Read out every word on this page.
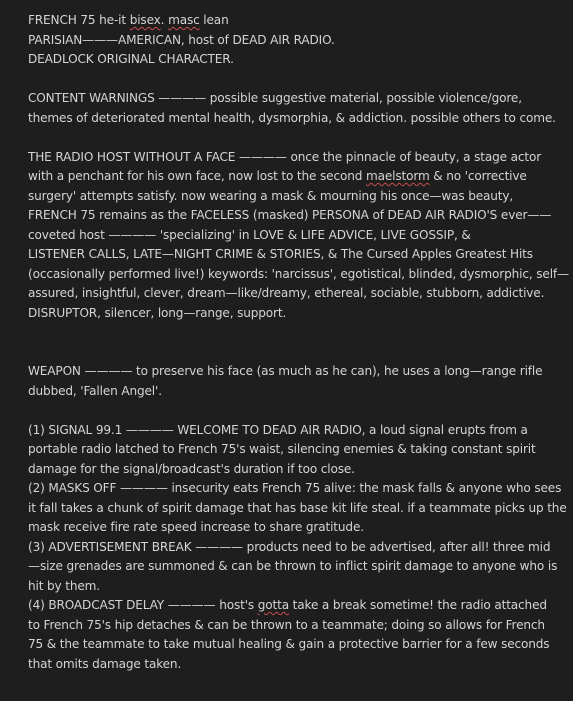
FRENCH 75 he-it bisex. masc lean
PARISIAN———AMERICAN, host of DEAD AIR RADIO.
DEADLOCK ORIGINAL CHARACTER.
CONTENT WARNINGS ———— possible suggestive material, possible violence/gore,
themes of deteriorated mental health, dysmorphia, & addiction. possible others to come.
THE RADIO HOST WITHOUT A FACE ———— once the pinnacle of beauty, a stage actor
with a penchant for his own face, now lost to the second maelstorm & no 'corrective
surgery' attempts satisfy. now wearing a mask & mourning his once—was beauty,
FRENCH 75 remains as the FACELESS (masked) PERSONA of DEAD AIR RADIO'S ever——
coveted host ———— 'specializing' in LOVE & LIFE ADVICE, LIVE GOSSIP, &
LISTENER CALLS, LATE—NIGHT CRIME & STORIES, & The Cursed Apples Greatest Hits
(occasionally performed live!) keywords: 'narcissus', egotistical, blinded, dysmorphic, self—
assured, insightful, clever, dream—like/dreamy, ethereal, sociable, stubborn, addictive.
DISRUPTOR, silencer, long—range, support.
WEAPON ———— to preserve his face (as much as he can), he uses a long—range rifle
dubbed, 'Fallen Angel'.
(1) SIGNAL 99.1 ———— WELCOME TO DEAD AIR RADIO, a loud signal erupts from a
portable radio latched to French 75's waist, silencing enemies & taking constant spirit
damage for the signal/broadcast's duration if too close.
(2) MASKS OFF ———— insecurity eats French 75 alive: the mask falls & anyone who sees
it fall takes a chunk of spirit damage that has base kit life steal. if a teammate picks up the
mask receive fire rate speed increase to share gratitude.
(3) ADVERTISEMENT BREAK ———— products need to be advertised, after all! three mid
—size grenades are summoned & can be thrown to inflict spirit damage to anyone who is
hit by them.
(4) BROADCAST DELAY ———— host's gotta take a break sometime! the radio attached
to French 75's hip detaches & can be thrown to a teammate; doing so allows for French
75 & the teammate to take mutual healing & gain a protective barrier for a few seconds
that omits damage taken.
